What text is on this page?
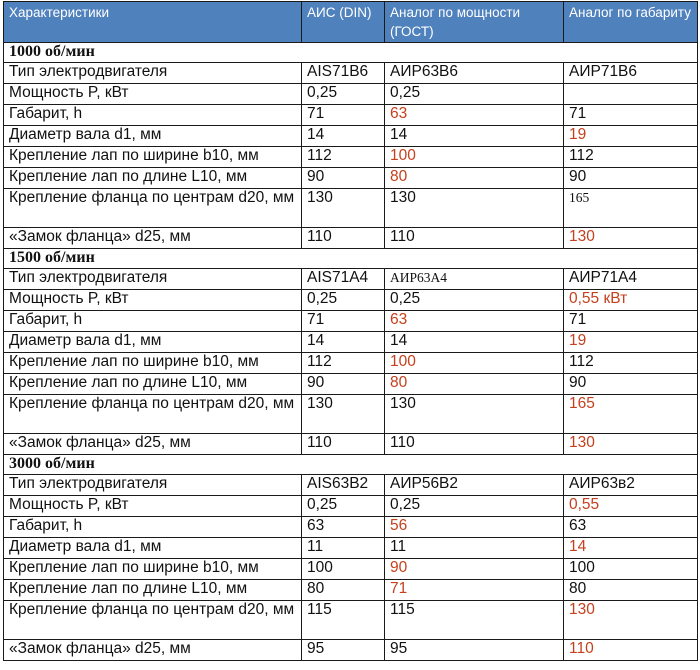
Характеристики	АИС (DIN)	Аналог по мощности (ГОСТ)	Аналог по габариту
1000 об/мин			
Тип электродвигателя	AIS71B6	АИР63В6	АИР71В6
Мощность P, кВт	0,25	0,25	
Габарит, h	71	63	71
Диаметр вала d1, мм	14	14	19
Крепление лап по ширине b10, мм	112	100	112
Крепление лап по длине L10, мм	90	80	90
Крепление фланца по центрам d20, мм	130	130	165
«Замок фланца» d25, мм	110	110	130
1500 об/мин			
Тип электродвигателя	AIS71A4	АИР63А4	АИР71А4
Мощность P, кВт	0,25	0,25	0,55 кВт
Габарит, h	71	63	71
Диаметр вала d1, мм	14	14	19
Крепление лап по ширине b10, мм	112	100	112
Крепление лап по длине L10, мм	90	80	90
Крепление фланца по центрам d20, мм	130	130	165
«Замок фланца» d25, мм	110	110	130
3000 об/мин			
Тип электродвигателя	AIS63B2	АИР56В2	АИР63в2
Мощность P, кВт	0,25	0,25	0,55
Габарит, h	63	56	63
Диаметр вала d1, мм	11	11	14
Крепление лап по ширине b10, мм	100	90	100
Крепление лап по длине L10, мм	80	71	80
Крепление фланца по центрам d20, мм	115	115	130
«Замок фланца» d25, мм	95	95	110
